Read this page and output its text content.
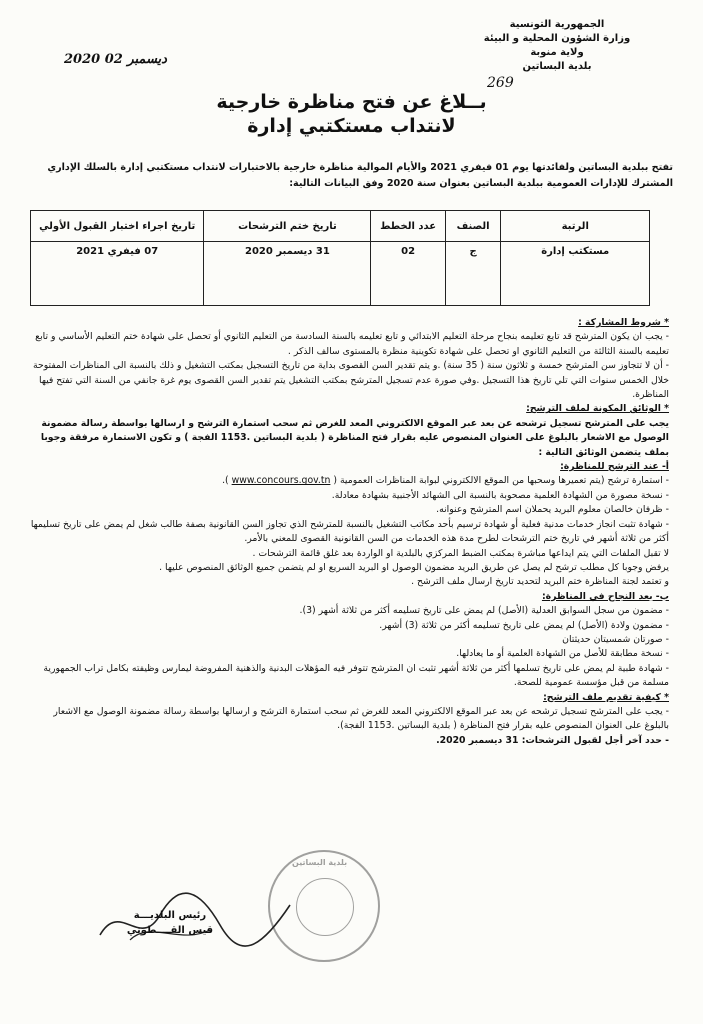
الجمهورية التونسية
وزارة الشؤون المحلية و البيئة
ولاية منوبة
بلدية البساتين
269
2020 ديسمبر 02
بــلاغ عن فتح مناظرة خارجية
لانتداب مستكتبي إدارة
تفتح ببلدية البساتين ولفائدتها يوم 01 فيفري 2021 والأيام الموالية مناظرة خارجية بالاختبارات لانتداب مستكتبي إدارة بالسلك الإداري المشترك للإدارات العمومية ببلدية البساتين بعنوان سنة 2020 وفق البيانات التالية:
الرتبة	الصنف	عدد الخطط	تاريخ ختم الترشحات	تاريخ اجراء اختبار القبول الأولي
مستكتب إدارة	ج	02	31 ديسمبر 2020	07 فيفري 2021

* شروط المشاركة :

- يجب ان يكون المترشح قد تابع تعليمه بنجاح مرحلة التعليم الابتدائي و تابع تعليمه بالسنة السادسة من التعليم الثانوي أو تحصل على شهادة ختم التعليم الأساسي و تابع تعليمه بالسنة الثالثة من التعليم الثانوي او تحصل على شهادة تكوينية منظرة بالمستوى سالف الذكر .

- أن لا تتجاوز سن المترشح خمسة و ثلاثون سنة ( 35 سنة) .و يتم تقدير السن القصوى بداية من تاريخ التسجيل بمكتب التشغيل و ذلك بالنسبة الى المناظرات المفتوحة خلال الخمس سنوات التي تلي تاريخ هذا التسجيل .وفي صورة عدم تسجيل المترشح بمكتب التشغيل يتم تقدير السن القصوى يوم غرة جانفي من السنة التي تفتح فيها المناظرة.

* الوثائق المكونة لملف الترشح:

يجب على المترشح تسجيل ترشحه عن بعد عبر الموقع الالكتروني المعد للغرض ثم سحب استمارة الترشح و ارسالها بواسطة رسالة مضمونة الوصول مع الاشعار بالبلوغ على العنوان المنصوص عليه بقرار فتح المناظرة ( بلدية البساتين .1153 الفجة ) و تكون الاستمارة مرفقة وجوبا بملف يتضمن الوثائق التالية :

أ- عند الترشح للمناظرة:

- استمارة ترشح (يتم تعميرها وسحبها من الموقع الالكتروني لبوابة المناظرات العمومية ( www.concours.gov.tn ).

- نسخة مصورة من الشهادة العلمية مصحوبة بالنسبة الى الشهائد الأجنبية بشهادة معادلة.

- ظرفان خالصان معلوم البريد يحملان اسم المترشح وعنوانه.

- شهادة تثبت انجاز خدمات مدنية فعلية أو شهادة ترسيم بأحد مكاتب التشغيل بالنسبة للمترشح الذي تجاوز السن القانونية بصفة طالب شغل لم يمض على تاريخ تسليمها أكثر من ثلاثة أشهر في تاريخ ختم الترشحات لطرح مدة هذه الخدمات من السن القانونية القصوى للمعني بالأمر.

لا تقبل الملفات التي يتم ايداعها مباشرة بمكتب الضبط المركزي بالبلدية او الواردة بعد غلق قائمة الترشحات .

يرفض وجوبا كل مطلب ترشح لم يصل عن طريق البريد مضمون الوصول او البريد السريع او لم يتضمن جميع الوثائق المنصوص عليها .

و تعتمد لجنة المناظرة ختم البريد لتحديد تاريخ ارسال ملف الترشح .

ب- بعد النجاح في المناظرة:

- مضمون من سجل السوابق العدلية (الأصل) لم يمض على تاريخ تسليمه أكثر من ثلاثة أشهر (3).

- مضمون ولادة (الأصل) لم يمض على تاريخ تسليمه أكثر من ثلاثة (3) أشهر.

- صورتان شمسيتان حديثتان

- نسخة مطابقة للأصل من الشهادة العلمية أو ما يعادلها.

- شهادة طبية لم يمض على تاريخ تسلمها أكثر من ثلاثة أشهر تثبت ان المترشح تتوفر فيه المؤهلات البدنية والذهنية المفروضة ليمارس وظيفته بكامل تراب الجمهورية مسلمة من قبل مؤسسة عمومية للصحة.

* كيفية تقديم ملف الترشح:

- يجب على المترشح تسجيل ترشحه عن بعد عبر الموقع الالكتروني المعد للغرض ثم سحب استمارة الترشح و ارسالها بواسطة رسالة مضمونة الوصول مع الاشعار بالبلوغ على العنوان المنصوص عليه بقرار فتح المناظرة ( بلدية البساتين .1153 الفجة).

- حدد آخر أجل لقبول الترشحات: 31 ديسمبر 2020.

بلدية البساتين
رئيس البلديـــة
قيس القــــطوني
